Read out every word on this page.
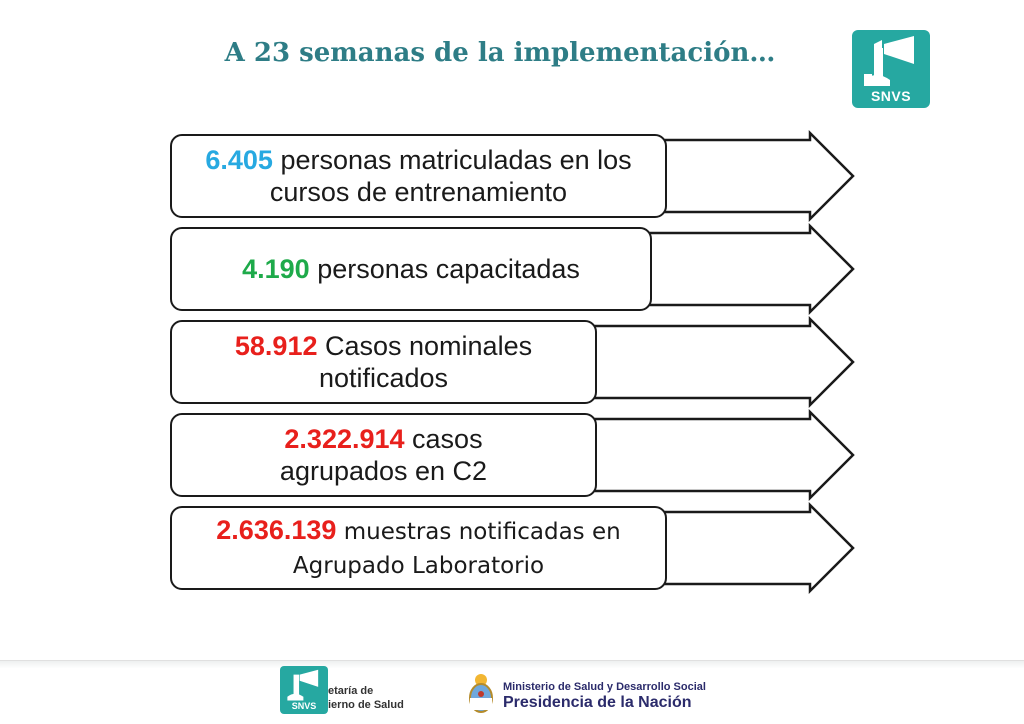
A 23 semanas de la implementación…
SNVS
6.405 personas matriculadas en los cursos de entrenamiento
4.190 personas capacitadas
58.912 Casos nominales notificados
2.322.914 casos agrupados en C2
2.636.139 muestras notificadas en Agrupado Laboratorio
SNVS
etaría de
ierno de Salud
Ministerio de Salud y Desarrollo Social
Presidencia de la Nación
